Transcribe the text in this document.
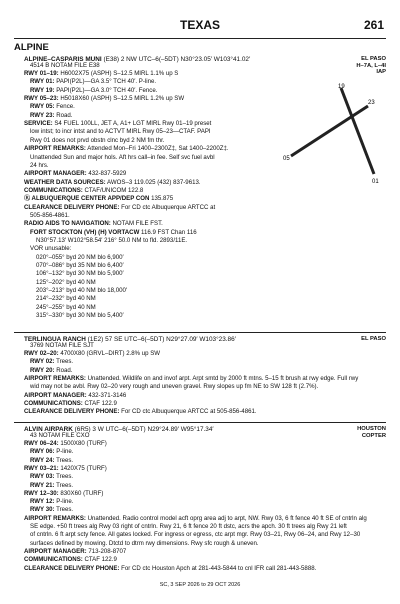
TEXAS	261
ALPINE
ALPINE–CASPARIS MUNI (E38) 2 NW UTC–6(–5DT) N30°23.05′ W103°41.02′	EL PASO
H–7A, L–4I
IAP
4514 B NOTAM FILE E38
RWY 01–19: H6002X75 (ASPH) S–12.5 MIRL 1.1% up S
RWY 01: PAPI(P2L)—GA 3.5° TCH 40′. P-line.
RWY 19: PAPI(P2L)—GA 3.0° TCH 40′. Fence.
RWY 05–23: H5018X60 (ASPH) S–12.5 MIRL 1.2% up SW
RWY 05: Fence.
RWY 23: Road.
SERVICE: S4 FUEL 100LL, JET A, A1+ LGT MIRL Rwy 01–19 preset
low intst; to incr intst and to ACTVT MIRL Rwy 05–23—CTAF. PAPI
Rwy 01 does not prvd obstn clnc byd 2 NM fm thr.
AIRPORT REMARKS: Attended Mon–Fri 1400–2300Z‡, Sat 1400–2200Z‡.
Unattended Sun and major hols. Aft hrs call–in fee. Self svc fuel avbl
24 hrs.
AIRPORT MANAGER: 432-837-5929
WEATHER DATA SOURCES: AWOS–3 119.025 (432) 837-9613.
COMMUNICATIONS: CTAF/UNICOM 122.8
Ⓡ ALBUQUERQUE CENTER APP/DEP CON 135.875
CLEARANCE DELIVERY PHONE: For CD ctc Albuquerque ARTCC at
505-856-4861.
RADIO AIDS TO NAVIGATION: NOTAM FILE FST.
FORT STOCKTON (VH) (H) VORTACW 116.9 FST Chan 116
N30°57.13′ W102°58.54′ 216° 50.0 NM to fld. 2893/11E.
VOR unusable:
020°–055° byd 20 NM blo 6,900′
070°–086° byd 35 NM blo 6,400′
106°–132° byd 30 NM blo 5,900′
125°–202° byd 40 NM
203°–213° byd 40 NM blo 18,000′
214°–232° byd 40 NM
245°–255° byd 40 NM
315°–330° byd 30 NM blo 5,400′
19
23
05
01
TERLINGUA RANCH (1E2) 57 SE UTC–6(–5DT) N29°27.09′ W103°23.86′	EL PASO
3769 NOTAM FILE SJT
RWY 02–20: 4700X80 (GRVL–DIRT) 2.8% up SW
RWY 02: Trees.
RWY 20: Road.
AIRPORT REMARKS: Unattended. Wildlife on and invof arpt. Arpt smtd by 2000 ft mtns. 5–15 ft brush at rwy edge. Full rwy
wid may not be avbl. Rwy 02–20 very rough and uneven gravel. Rwy slopes up fm NE to SW 128 ft (2.7%).
AIRPORT MANAGER: 432-371-3146
COMMUNICATIONS: CTAF 122.9
CLEARANCE DELIVERY PHONE: For CD ctc Albuquerque ARTCC at 505-856-4861.
ALVIN AIRPARK (6R5) 3 W UTC–6(–5DT) N29°24.89′ W95°17.34′	HOUSTON
COPTER
43 NOTAM FILE CXO
RWY 06–24: 1500X80 (TURF)
RWY 06: P-line.
RWY 24: Trees.
RWY 03–21: 1420X75 (TURF)
RWY 03: Trees.
RWY 21: Trees.
RWY 12–30: 830X60 (TURF)
RWY 12: P-line.
RWY 30: Trees.
AIRPORT REMARKS: Unattended. Radio control model acft oprg area adj to arpt, NW. Rwy 03, 6 ft fence 40 ft SE of cntrln alg
SE edge. +50 ft trees alg Rwy 03 right of cntrln. Rwy 21, 6 ft fence 20 ft dstc, acrs the apch. 30 ft trees alg Rwy 21 left
of cntrln. 6 ft arpt scty fence. All gates locked. For ingress or egress, ctc arpt mgr. Rwy 03–21, Rwy 06–24, and Rwy 12–30
surfaces defined by mowing. Dtctd to dtrm rwy dimensions. Rwy sfc rough & uneven.
AIRPORT MANAGER: 713-208-8707
COMMUNICATIONS: CTAF 122.9
CLEARANCE DELIVERY PHONE: For CD ctc Houston Apch at 281-443-5844 to cnl IFR call 281-443-5888.
SC, 3 SEP 2026 to 29 OCT 2026
